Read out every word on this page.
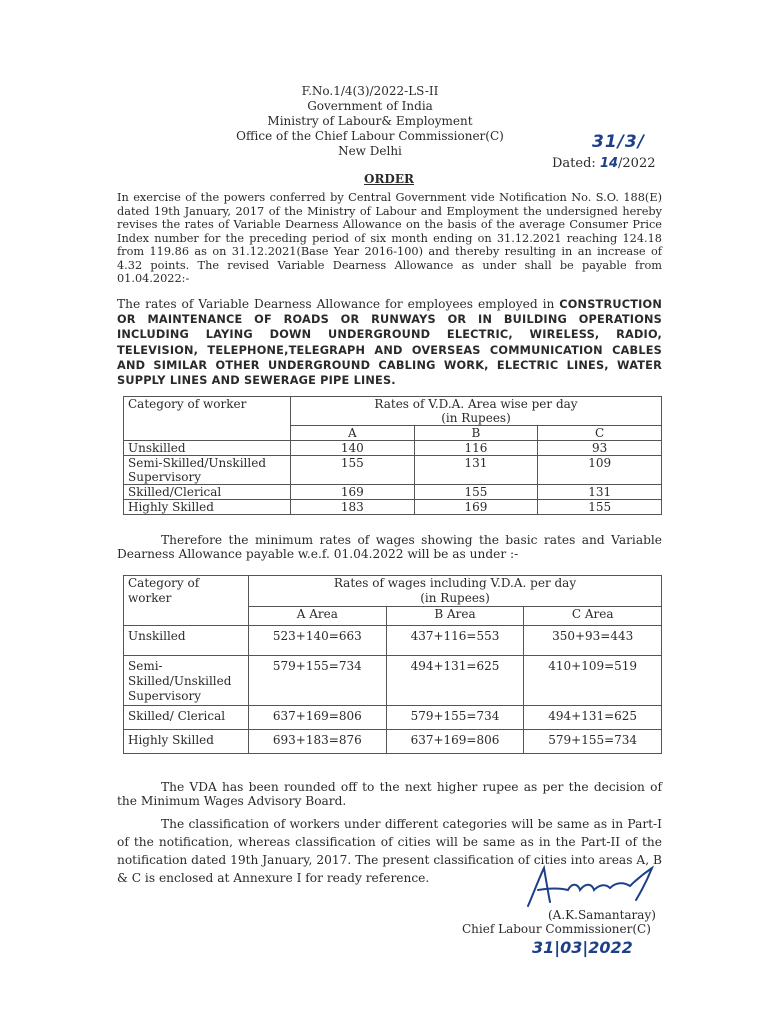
F.No.1/4(3)/2022-LS-II
Government of India
Ministry of Labour& Employment
Office of the Chief Labour Commissioner(C)
New Delhi	31/3/
Dated: 14/2022
ORDER
In exercise of the powers conferred by Central Government vide Notification No. S.O. 188(E) dated 19th January, 2017 of the Ministry of Labour and Employment the undersigned hereby revises the rates of Variable Dearness Allowance on the basis of the average Consumer Price Index number for the preceding period of six month ending on 31.12.2021 reaching 124.18 from 119.86 as on 31.12.2021(Base Year 2016-100) and thereby resulting in an increase of 4.32 points. The revised Variable Dearness Allowance as under shall be payable from 01.04.2022:-
The rates of Variable Dearness Allowance for employees employed in CONSTRUCTION OR MAINTENANCE OF ROADS OR RUNWAYS OR IN BUILDING OPERATIONS INCLUDING LAYING DOWN UNDERGROUND ELECTRIC, WIRELESS, RADIO, TELEVISION, TELEPHONE,TELEGRAPH AND OVERSEAS COMMUNICATION CABLES AND SIMILAR OTHER UNDERGROUND CABLING WORK, ELECTRIC LINES, WATER SUPPLY LINES AND SEWERAGE PIPE LINES.
Category of worker	Rates of V.D.A. Area wise per day
(in Rupees)		

	A	B	C
Unskilled	140	116	93
Semi-Skilled/Unskilled Supervisory	155	131	109
Skilled/Clerical	169	155	131
Highly Skilled	183	169	155
Therefore the minimum rates of wages showing the basic rates and Variable Dearness Allowance payable w.e.f. 01.04.2022 will be as under :-
Category of worker	Rates of wages including V.D.A. per day
(in Rupees)		

	A Area	B Area	C Area
Unskilled	523+140=663	437+116=553	350+93=443
Semi-Skilled/Unskilled Supervisory	579+155=734	494+131=625	410+109=519
Skilled/ Clerical	637+169=806	579+155=734	494+131=625
Highly Skilled	693+183=876	637+169=806	579+155=734
The VDA has been rounded off to the next higher rupee as per the decision of the Minimum Wages Advisory Board.
The classification of workers under different categories will be same as in Part-I of the notification, whereas classification of cities will be same as in the Part-II of the notification dated 19th January, 2017. The present classification of cities into areas A, B & C is enclosed at Annexure I for ready reference.
(A.K.Samantaray)
Chief Labour Commissioner(C)
31|03|2022
